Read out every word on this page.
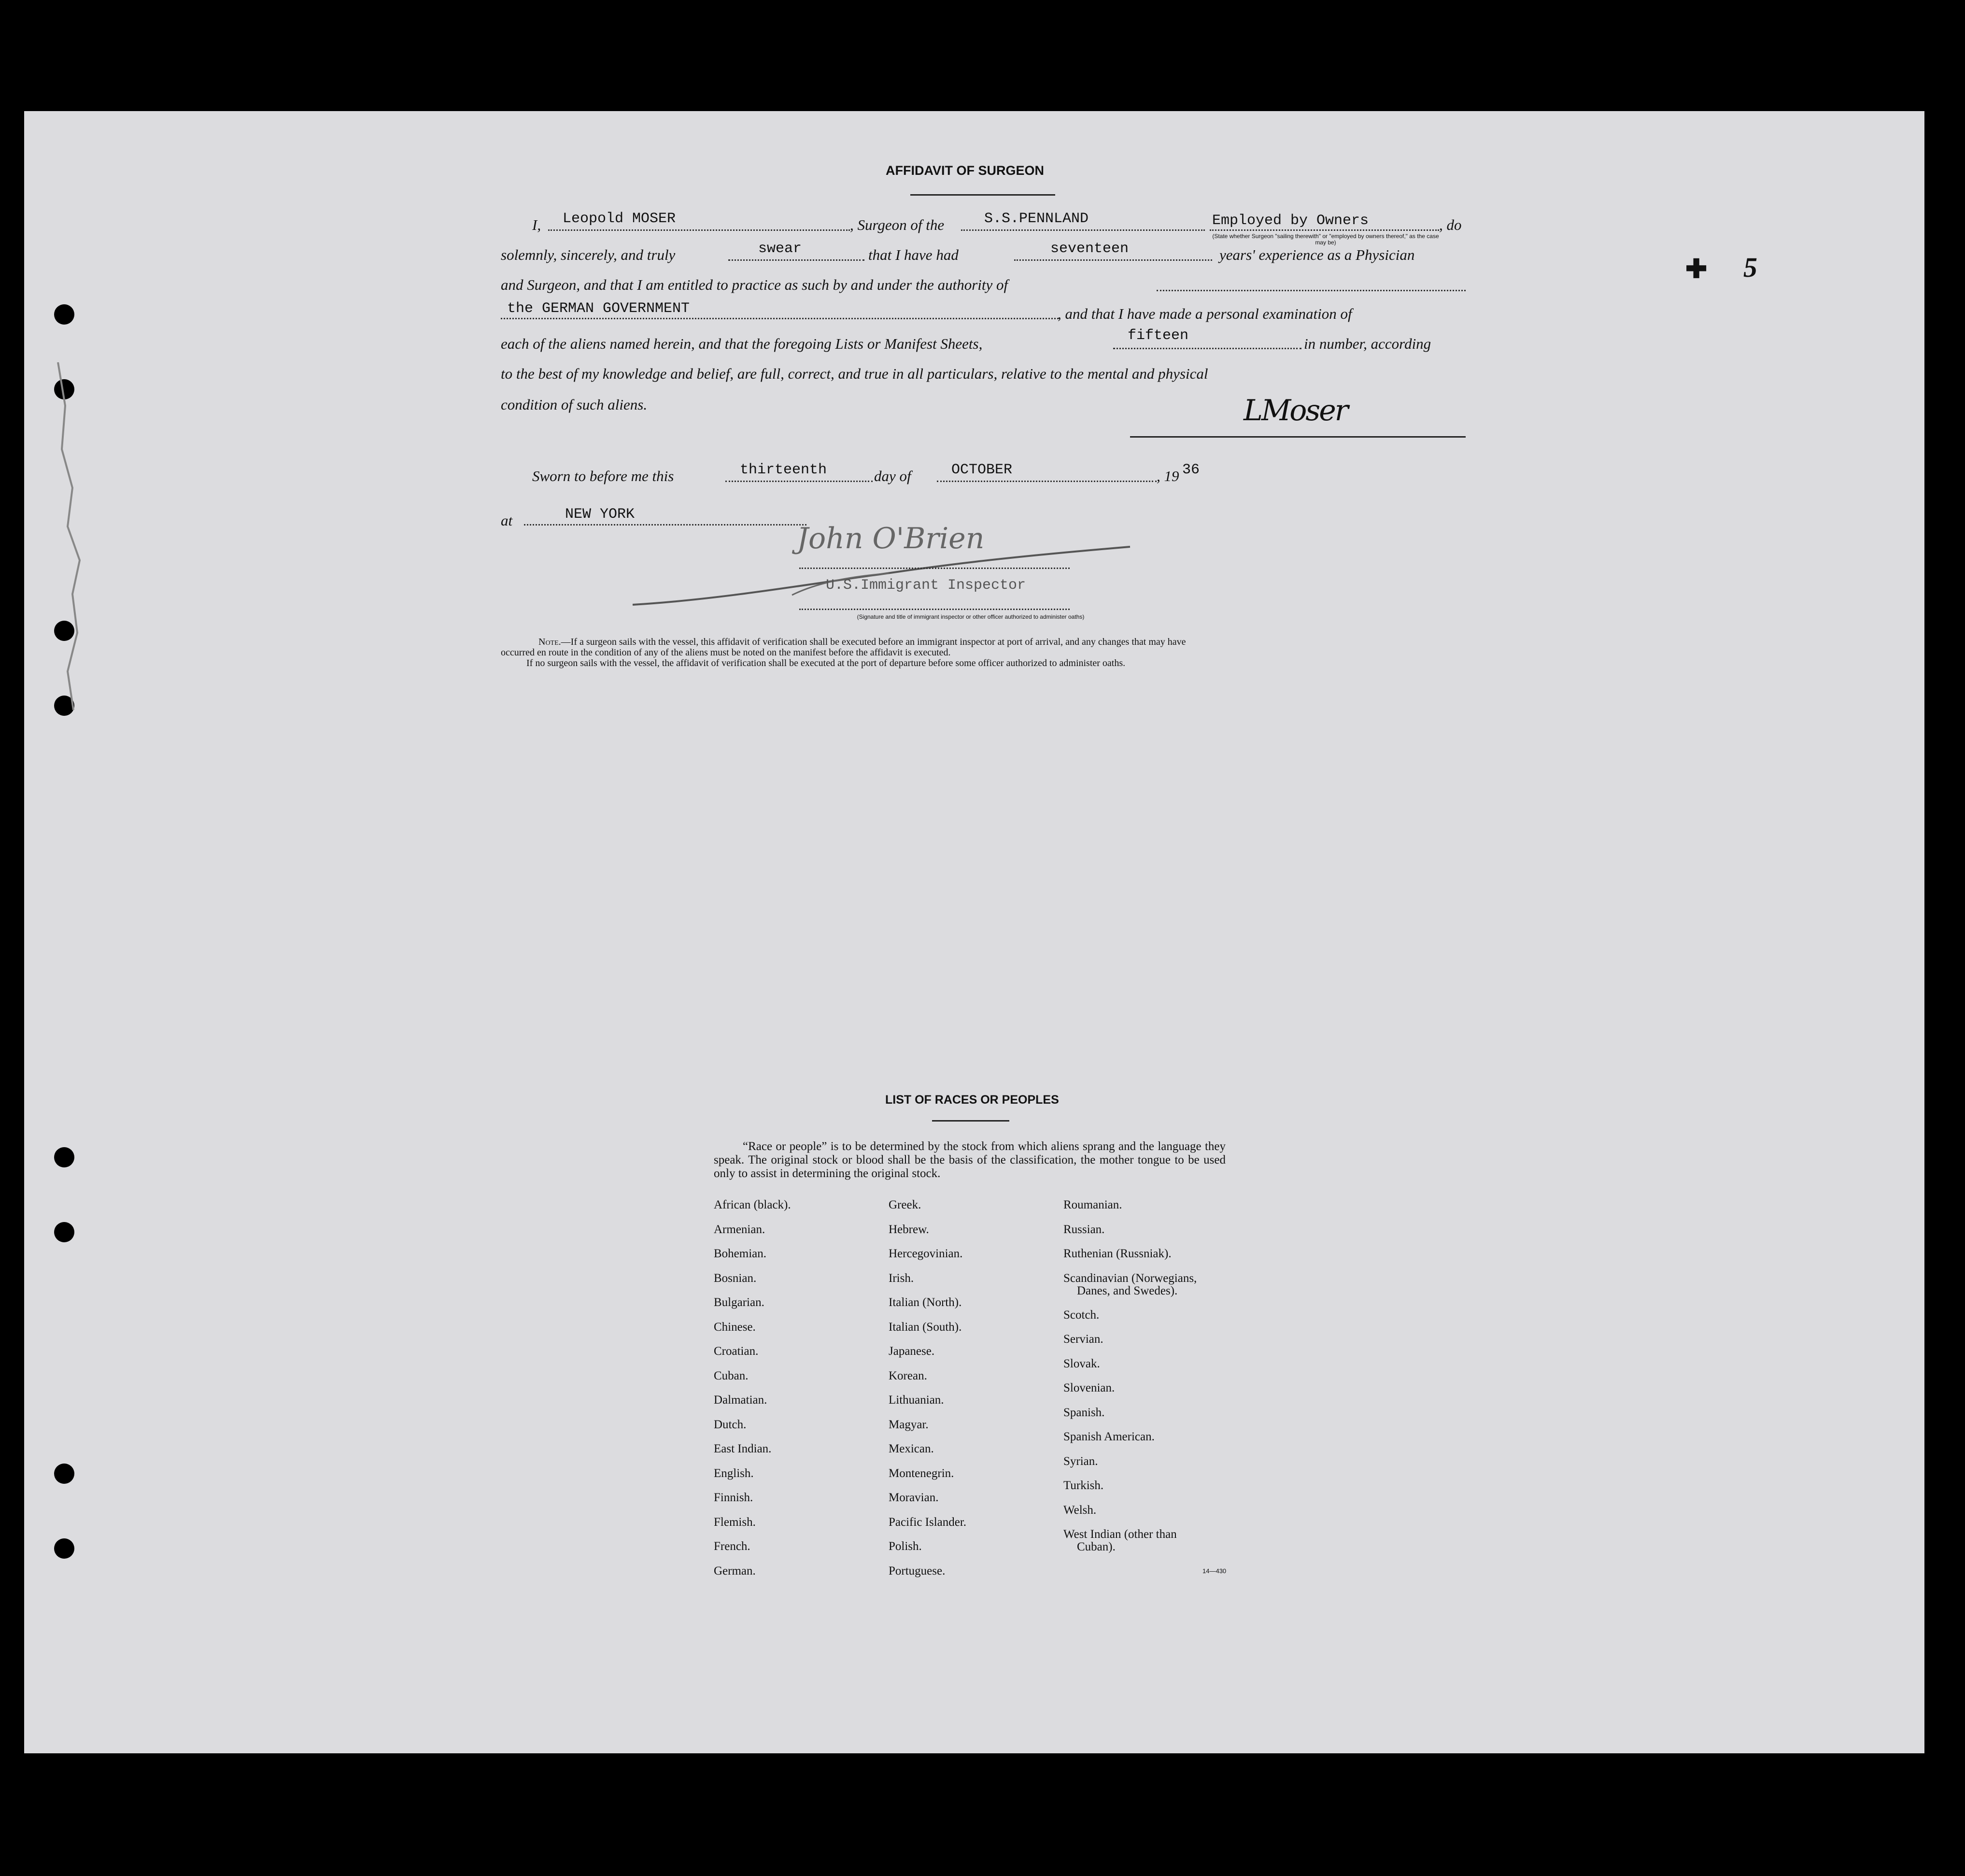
✚ 5
AFFIDAVIT OF SURGEON
I, Leopold MOSER	, Surgeon of the	S.S.PENNLAND	Employed by Owners	, do
(State whether Surgeon "sailing therewith" or "employed by owners thereof," as the case may be)
solemnly, sincerely, and truly	swear	that I have had	seventeen	years' experience as a Physician
and Surgeon, and that I am entitled to practice as such by and under the authority of
the GERMAN GOVERNMENT	, and that I have made a personal examination of
each of the aliens named herein, and that the foregoing Lists or Manifest Sheets,	fifteen	in number, according
to the best of my knowledge and belief, are full, correct, and true in all particulars, relative to the mental and physical
condition of such aliens.	LMoser
Sworn to before me this	thirteenth	day of	OCTOBER	, 19 36
at	NEW YORK
John O'Brien
U.S.Immigrant Inspector
(Signature and title of immigrant inspector or other officer authorized to administer oaths)
Note.—If a surgeon sails with the vessel, this affidavit of verification shall be executed before an immigrant inspector at port of arrival, and any changes that may have
occurred en route in the condition of any of the aliens must be noted on the manifest before the affidavit is executed.
If no surgeon sails with the vessel, the affidavit of verification shall be executed at the port of departure before some officer authorized to administer oaths.
LIST OF RACES OR PEOPLES
“Race or people” is to be determined by the stock from which aliens sprang and the language they speak. The original stock or blood shall be the basis of the classification, the mother tongue to be used only to assist in determining the original stock.
African (black).
Armenian.
Bohemian.
Bosnian.
Bulgarian.
Chinese.
Croatian.
Cuban.
Dalmatian.
Dutch.
East Indian.
English.
Finnish.
Flemish.
French.
German.
Greek.
Hebrew.
Hercegovinian.
Irish.
Italian (North).
Italian (South).
Japanese.
Korean.
Lithuanian.
Magyar.
Mexican.
Montenegrin.
Moravian.
Pacific Islander.
Polish.
Portuguese.
Roumanian.
Russian.
Ruthenian (Russniak).
Scandinavian (Norwegians,
Danes, and Swedes).
Scotch.
Servian.
Slovak.
Slovenian.
Spanish.
Spanish American.
Syrian.
Turkish.
Welsh.
West Indian (other than
Cuban).
14—430
